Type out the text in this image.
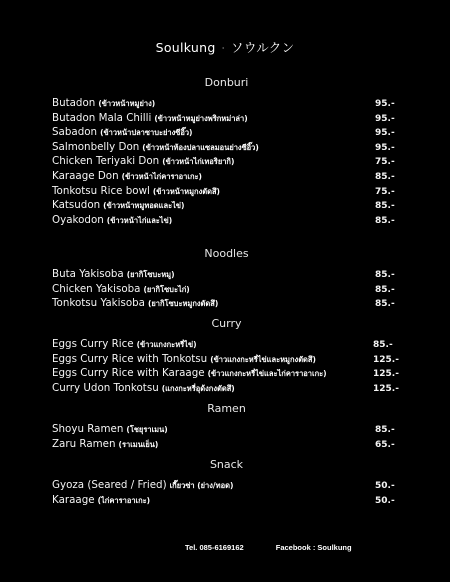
Soulkung · ソウルクン
Donburi
Butadon (ข้าวหน้าหมูย่าง)	95.-
Butadon Mala Chilli (ข้าวหน้าหมูย่างพริกหม่าล่า)	95.-
Sabadon (ข้าวหน้าปลาซาบะย่างซีอิ๊ว)	95.-
Salmonbelly Don (ข้าวหน้าท้องปลาแซลมอนย่างซีอิ๊ว)	95.-
Chicken Teriyaki Don (ข้าวหน้าไก่เทอริยากิ)	75.-
Karaage Don (ข้าวหน้าไก่คาราอาเกะ)	85.-
Tonkotsu Rice bowl (ข้าวหน้าหมูกงตัดสึ)	75.-
Katsudon (ข้าวหน้าหมูทอดและไข่)	85.-
Oyakodon (ข้าวหน้าไก่และไข่)	85.-
Noodles
Buta Yakisoba (ยากิโซบะหมู)	85.-
Chicken Yakisoba (ยากิโซบะไก่)	85.-
Tonkotsu Yakisoba (ยากิโซบะหมูกงตัดสึ)	85.-
Curry
Eggs Curry Rice (ข้าวแกงกะหรี่ไข่)	85.-
Eggs Curry Rice with Tonkotsu (ข้าวแกงกะหรี่ไข่และหมูกงตัดสึ)	125.-
Eggs Curry Rice with Karaage (ข้าวแกงกะหรี่ไข่และไก่คาราอาเกะ)	125.-
Curry Udon Tonkotsu (แกงกะหรี่อุด้งกงตัดสึ)	125.-
Ramen
Shoyu Ramen (โชยุราเมน)	85.-
Zaru Ramen (ราเมนเย็น)	65.-
Snack
Gyoza (Seared / Fried) เกี๊ยวซ่า (ย่าง/ทอด)	50.-
Karaage (ไก่คาราอาเกะ)	50.-
Tel. 085-6169162	Facebook : Soulkung
